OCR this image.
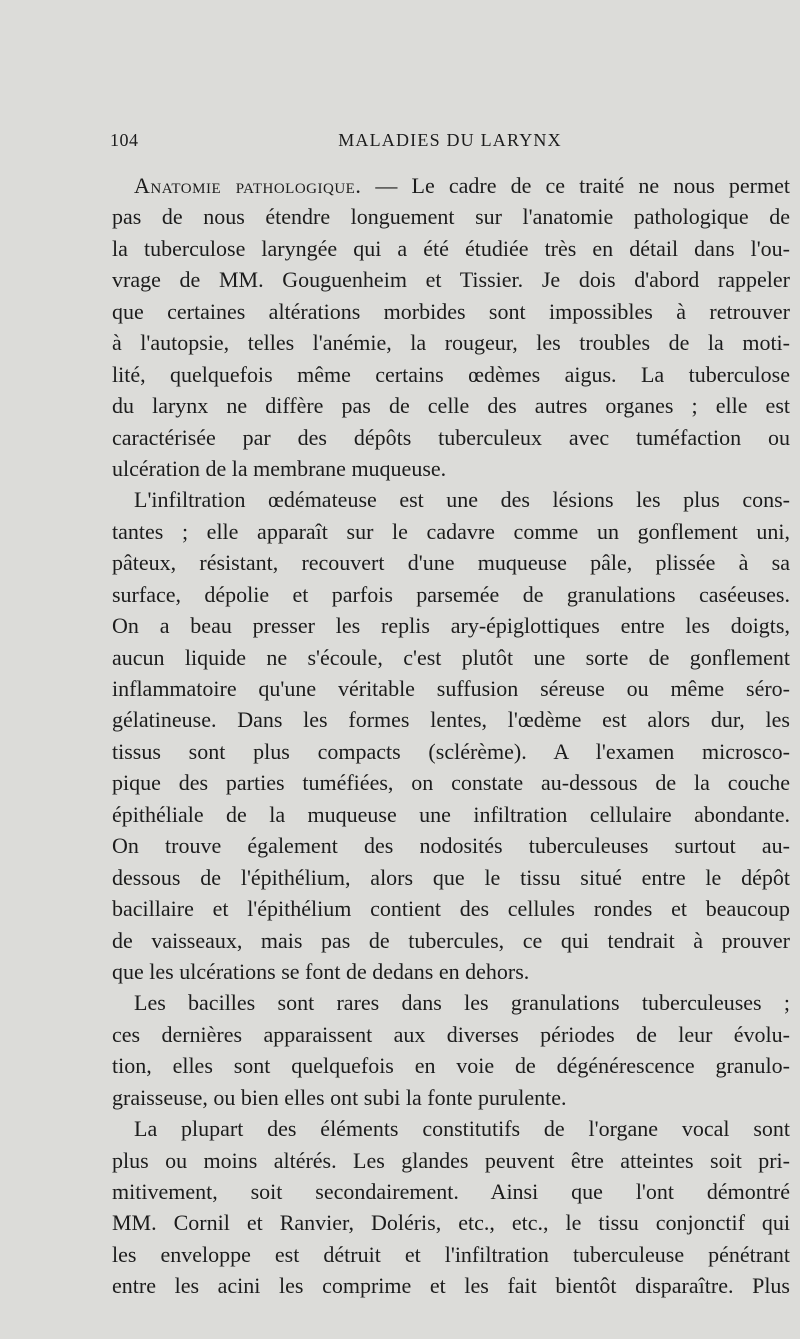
104	MALADIES DU LARYNX
Anatomie pathologique. — Le cadre de ce traité ne nous permet
pas de nous étendre longuement sur l'anatomie pathologique de
la tuberculose laryngée qui a été étudiée très en détail dans l'ou-
vrage de MM. Gouguenheim et Tissier. Je dois d'abord rappeler
que certaines altérations morbides sont impossibles à retrouver
à l'autopsie, telles l'anémie, la rougeur, les troubles de la moti-
lité, quelquefois même certains œdèmes aigus. La tuberculose
du larynx ne diffère pas de celle des autres organes ; elle est
caractérisée par des dépôts tuberculeux avec tuméfaction ou
ulcération de la membrane muqueuse.
L'infiltration œdémateuse est une des lésions les plus cons-
tantes ; elle apparaît sur le cadavre comme un gonflement uni,
pâteux, résistant, recouvert d'une muqueuse pâle, plissée à sa
surface, dépolie et parfois parsemée de granulations caséeuses.
On a beau presser les replis ary-épiglottiques entre les doigts,
aucun liquide ne s'écoule, c'est plutôt une sorte de gonflement
inflammatoire qu'une véritable suffusion séreuse ou même séro-
gélatineuse. Dans les formes lentes, l'œdème est alors dur, les
tissus sont plus compacts (sclérème). A l'examen microsco-
pique des parties tuméfiées, on constate au-dessous de la couche
épithéliale de la muqueuse une infiltration cellulaire abondante.
On trouve également des nodosités tuberculeuses surtout au-
dessous de l'épithélium, alors que le tissu situé entre le dépôt
bacillaire et l'épithélium contient des cellules rondes et beaucoup
de vaisseaux, mais pas de tubercules, ce qui tendrait à prouver
que les ulcérations se font de dedans en dehors.
Les bacilles sont rares dans les granulations tuberculeuses ;
ces dernières apparaissent aux diverses périodes de leur évolu-
tion, elles sont quelquefois en voie de dégénérescence granulo-
graisseuse, ou bien elles ont subi la fonte purulente.
La plupart des éléments constitutifs de l'organe vocal sont
plus ou moins altérés. Les glandes peuvent être atteintes soit pri-
mitivement, soit secondairement. Ainsi que l'ont démontré
MM. Cornil et Ranvier, Doléris, etc., etc., le tissu conjonctif qui
les enveloppe est détruit et l'infiltration tuberculeuse pénétrant
entre les acini les comprime et les fait bientôt disparaître. Plus
